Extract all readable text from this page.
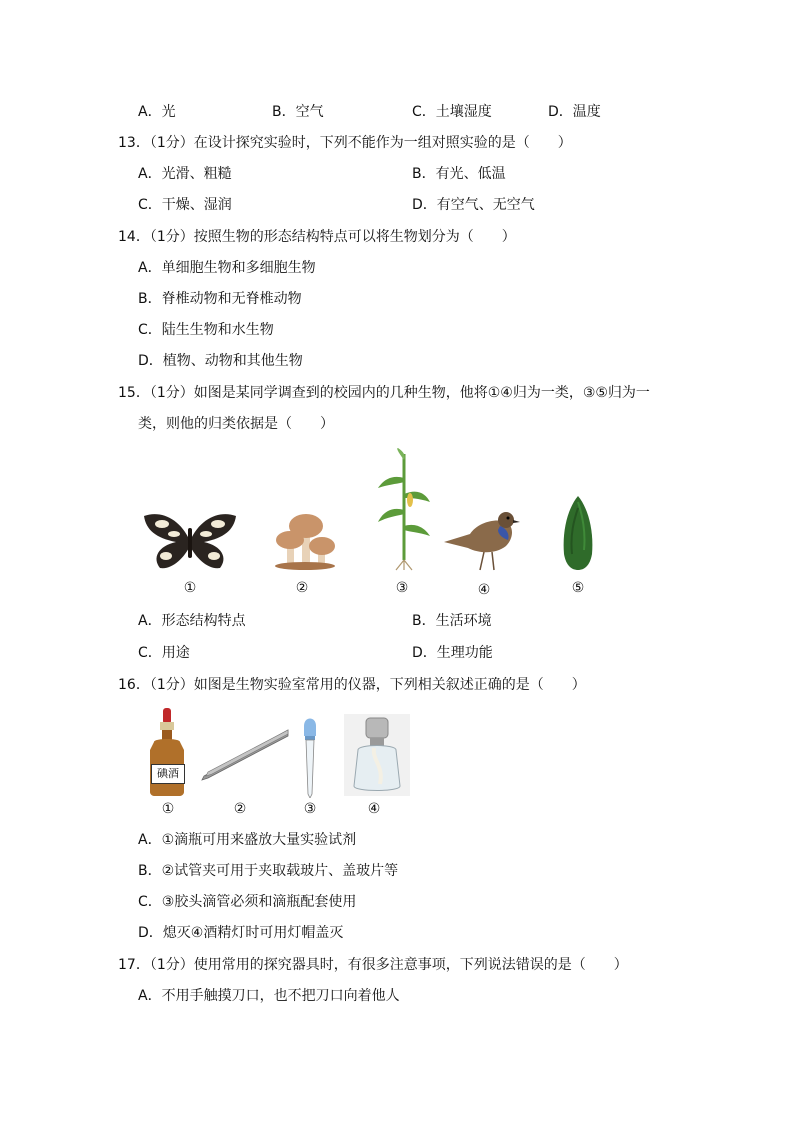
A．光	B．空气	C．土壤湿度	D．温度
13．（1分）在设计探究实验时，下列不能作为一组对照实验的是（　　）
A．光滑、粗糙	B．有光、低温
C．干燥、湿润	D．有空气、无空气
14．（1分）按照生物的形态结构特点可以将生物划分为（　　）
A．单细胞生物和多细胞生物
B．脊椎动物和无脊椎动物
C．陆生生物和水生物
D．植物、动物和其他生物
15．（1分）如图是某同学调查到的校园内的几种生物，他将①④归为一类，③⑤归为一
类，则他的归类依据是（　　）
①	②	③	④	⑤
A．形态结构特点	B．生活环境
C．用途	D．生理功能
16．（1分）如图是生物实验室常用的仪器，下列相关叙述正确的是（　　）
碘酒
①	②	③	④
A．①滴瓶可用来盛放大量实验试剂
B．②试管夹可用于夹取载玻片、盖玻片等
C．③胶头滴管必须和滴瓶配套使用
D．熄灭④酒精灯时可用灯帽盖灭
17．（1分）使用常用的探究器具时，有很多注意事项，下列说法错误的是（　　）
A．不用手触摸刀口，也不把刀口向着他人
